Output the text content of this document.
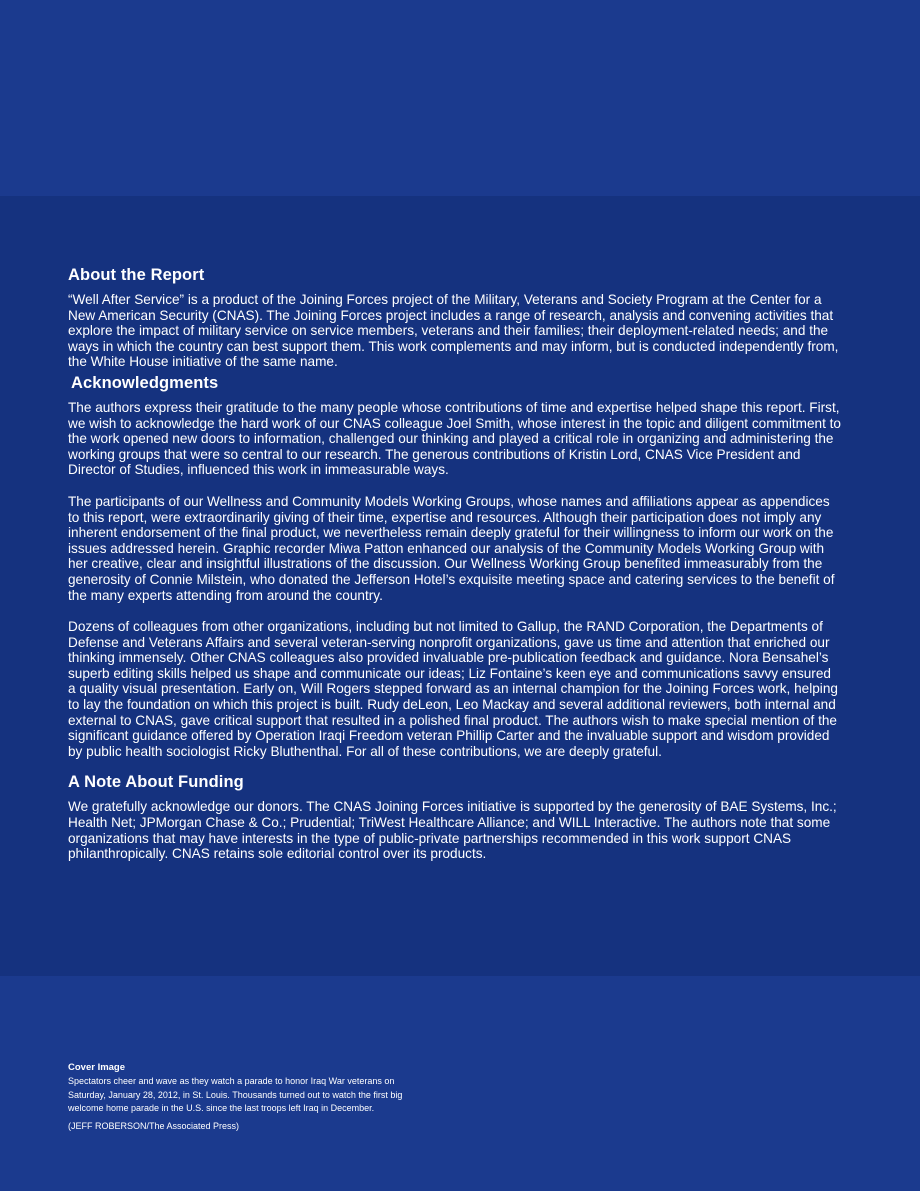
About the Report

“Well After Service” is a product of the Joining Forces project of the Military, Veterans and Society Program at the Center for a New American Security (CNAS). The Joining Forces project includes a range of research, analysis and convening activities that explore the impact of military service on service members, veterans and their families; their deployment-related needs; and the ways in which the country can best support them. This work complements and may inform, but is conducted independently from, the White House initiative of the same name.

Acknowledgments

The authors express their gratitude to the many people whose contributions of time and expertise helped shape this report. First, we wish to acknowledge the hard work of our CNAS colleague Joel Smith, whose interest in the topic and diligent commitment to the work opened new doors to information, challenged our thinking and played a critical role in organizing and administering the working groups that were so central to our research. The generous contributions of Kristin Lord, CNAS Vice President and Director of Studies, influenced this work in immeasurable ways.

The participants of our Wellness and Community Models Working Groups, whose names and affiliations appear as appendices to this report, were extraordinarily giving of their time, expertise and resources. Although their participation does not imply any inherent endorsement of the final product, we nevertheless remain deeply grateful for their willingness to inform our work on the issues addressed herein. Graphic recorder Miwa Patton enhanced our analysis of the Community Models Working Group with her creative, clear and insightful illustrations of the discussion. Our Wellness Working Group benefited immeasurably from the generosity of Connie Milstein, who donated the Jefferson Hotel’s exquisite meeting space and catering services to the benefit of the many experts attending from around the country.

Dozens of colleagues from other organizations, including but not limited to Gallup, the RAND Corporation, the Departments of Defense and Veterans Affairs and several veteran-serving nonprofit organizations, gave us time and attention that enriched our thinking immensely. Other CNAS colleagues also provided invaluable pre-publication feedback and guidance. Nora Bensahel’s superb editing skills helped us shape and communicate our ideas; Liz Fontaine’s keen eye and communications savvy ensured a quality visual presentation. Early on, Will Rogers stepped forward as an internal champion for the Joining Forces work, helping to lay the foundation on which this project is built. Rudy deLeon, Leo Mackay and several additional reviewers, both internal and external to CNAS, gave critical support that resulted in a polished final product. The authors wish to make special mention of the significant guidance offered by Operation Iraqi Freedom veteran Phillip Carter and the invaluable support and wisdom provided by public health sociologist Ricky Bluthenthal. For all of these contributions, we are deeply grateful.

A Note About Funding

We gratefully acknowledge our donors. The CNAS Joining Forces initiative is supported by the generosity of BAE Systems, Inc.; Health Net; JPMorgan Chase & Co.; Prudential; TriWest Healthcare Alliance; and WILL Interactive. The authors note that some organizations that may have interests in the type of public-private partnerships recommended in this work support CNAS philanthropically. CNAS retains sole editorial control over its products.

Cover Image

Spectators cheer and wave as they watch a parade to honor Iraq War veterans on Saturday, January 28, 2012, in St. Louis. Thousands turned out to watch the first big welcome home parade in the U.S. since the last troops left Iraq in December.

(JEFF ROBERSON/The Associated Press)
